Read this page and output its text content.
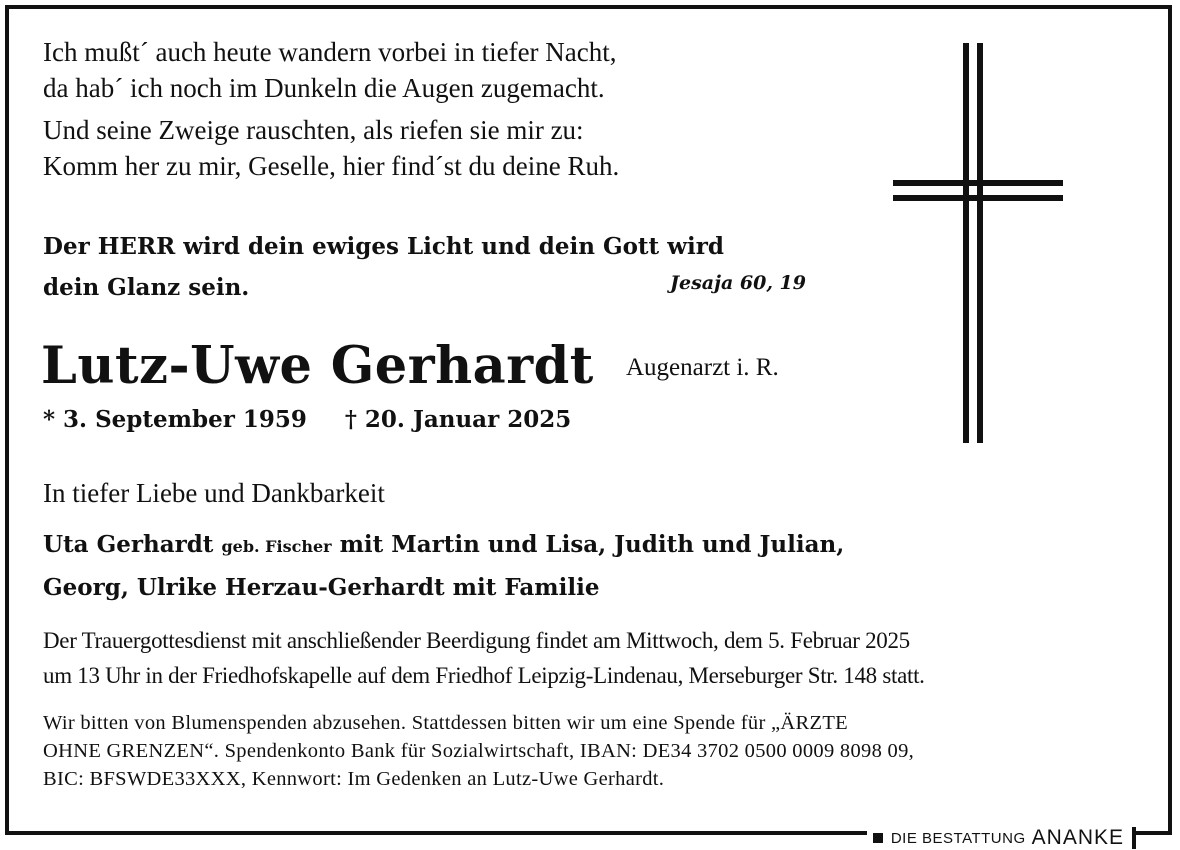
Ich mußt´ auch heute wandern vorbei in tiefer Nacht,
da hab´ ich noch im Dunkeln die Augen zugemacht.

Und seine Zweige rauschten, als riefen sie mir zu:
Komm her zu mir, Geselle, hier find´st du deine Ruh.

Der HERR wird dein ewiges Licht und dein Gott wird
dein Glanz sein.	Jesaja 60, 19
Lutz-Uwe Gerhardt Augenarzt i. R.
* 3. September 1959 † 20. Januar 2025
In tiefer Liebe und Dankbarkeit
Uta Gerhardt geb. Fischer mit Martin und Lisa, Judith und Julian,
Georg, Ulrike Herzau-Gerhardt mit Familie
Der Trauergottesdienst mit anschließender Beerdigung findet am Mittwoch, dem 5. Februar 2025
um 13 Uhr in der Friedhofskapelle auf dem Friedhof Leipzig-Lindenau, Merseburger Str. 148 statt.
Wir bitten von Blumenspenden abzusehen. Stattdessen bitten wir um eine Spende für „ÄRZTE
OHNE GRENZEN“. Spendenkonto Bank für Sozialwirtschaft, IBAN: DE34 3702 0500 0009 8098 09,
BIC: BFSWDE33XXX, Kennwort: Im Gedenken an Lutz-Uwe Gerhardt.
DIE BESTATTUNG ANANKE
